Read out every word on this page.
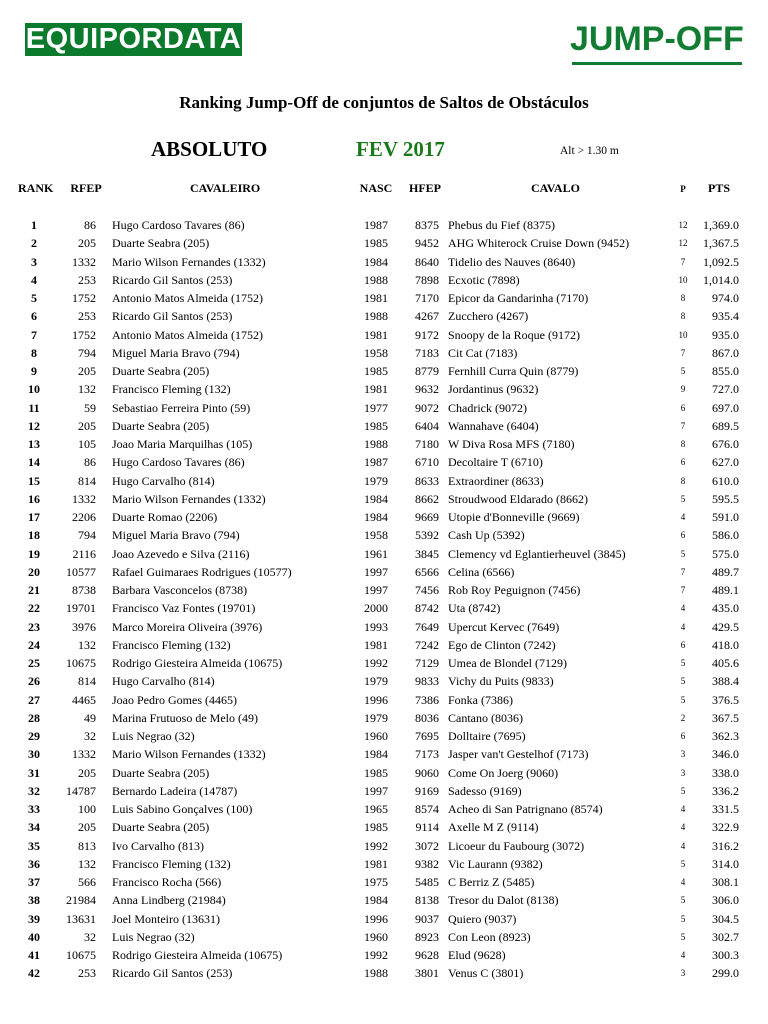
EQUIPORDATA	JUMP-OFF
Ranking Jump-Off de conjuntos de Saltos de Obstáculos
ABSOLUTO	FEV 2017	Alt > 1.30 m
RANK	RFEP	CAVALEIRO	NASC	HFEP	CAVALO	P	PTS
1	86 Hugo Cardoso Tavares (86)	1987	8375 Phebus du Fief (8375)	12	1,369.0
2	205 Duarte Seabra (205)	1985	9452 AHG Whiterock Cruise Down (9452)	12	1,367.5
3	1332 Mario Wilson Fernandes (1332)	1984	8640 Tidelio des Nauves (8640)	7	1,092.5
4	253 Ricardo Gil Santos (253)	1988	7898 Ecxotic (7898)	10	1,014.0
5	1752 Antonio Matos Almeida (1752)	1981	7170 Epicor da Gandarinha (7170)	8	974.0
6	253 Ricardo Gil Santos (253)	1988	4267 Zucchero (4267)	8	935.4
7	1752 Antonio Matos Almeida (1752)	1981	9172 Snoopy de la Roque (9172)	10	935.0
8	794 Miguel Maria Bravo (794)	1958	7183 Cit Cat (7183)	7	867.0
9	205 Duarte Seabra (205)	1985	8779 Fernhill Curra Quin (8779)	5	855.0
10	132 Francisco Fleming (132)	1981	9632 Jordantinus (9632)	9	727.0
11	59 Sebastiao Ferreira Pinto (59)	1977	9072 Chadrick (9072)	6	697.0
12	205 Duarte Seabra (205)	1985	6404 Wannahave (6404)	7	689.5
13	105 Joao Maria Marquilhas (105)	1988	7180 W Diva Rosa MFS (7180)	8	676.0
14	86 Hugo Cardoso Tavares (86)	1987	6710 Decoltaire T (6710)	6	627.0
15	814 Hugo Carvalho (814)	1979	8633 Extraordiner (8633)	8	610.0
16	1332 Mario Wilson Fernandes (1332)	1984	8662 Stroudwood Eldarado (8662)	5	595.5
17	2206 Duarte Romao (2206)	1984	9669 Utopie d'Bonneville (9669)	4	591.0
18	794 Miguel Maria Bravo (794)	1958	5392 Cash Up (5392)	6	586.0
19	2116 Joao Azevedo e Silva (2116)	1961	3845 Clemency vd Eglantierheuvel (3845)	5	575.0
20	10577 Rafael Guimaraes Rodrigues (10577)	1997	6566 Celina (6566)	7	489.7
21	8738 Barbara Vasconcelos (8738)	1997	7456 Rob Roy Peguignon (7456)	7	489.1
22	19701 Francisco Vaz Fontes (19701)	2000	8742 Uta (8742)	4	435.0
23	3976 Marco Moreira Oliveira (3976)	1993	7649 Upercut Kervec (7649)	4	429.5
24	132 Francisco Fleming (132)	1981	7242 Ego de Clinton (7242)	6	418.0
25	10675 Rodrigo Giesteira Almeida (10675)	1992	7129 Umea de Blondel (7129)	5	405.6
26	814 Hugo Carvalho (814)	1979	9833 Vichy du Puits (9833)	5	388.4
27	4465 Joao Pedro Gomes (4465)	1996	7386 Fonka (7386)	5	376.5
28	49 Marina Frutuoso de Melo (49)	1979	8036 Cantano (8036)	2	367.5
29	32 Luis Negrao (32)	1960	7695 Dolltaire (7695)	6	362.3
30	1332 Mario Wilson Fernandes (1332)	1984	7173 Jasper van't Gestelhof (7173)	3	346.0
31	205 Duarte Seabra (205)	1985	9060 Come On Joerg (9060)	3	338.0
32	14787 Bernardo Ladeira (14787)	1997	9169 Sadesso (9169)	5	336.2
33	100 Luis Sabino Gonçalves (100)	1965	8574 Acheo di San Patrignano (8574)	4	331.5
34	205 Duarte Seabra (205)	1985	9114 Axelle M Z (9114)	4	322.9
35	813 Ivo Carvalho (813)	1992	3072 Licoeur du Faubourg (3072)	4	316.2
36	132 Francisco Fleming (132)	1981	9382 Vic Laurann (9382)	5	314.0
37	566 Francisco Rocha (566)	1975	5485 C Berriz Z (5485)	4	308.1
38	21984 Anna Lindberg (21984)	1984	8138 Tresor du Dalot (8138)	5	306.0
39	13631 Joel Monteiro (13631)	1996	9037 Quiero (9037)	5	304.5
40	32 Luis Negrao (32)	1960	8923 Con Leon (8923)	5	302.7
41	10675 Rodrigo Giesteira Almeida (10675)	1992	9628 Elud (9628)	4	300.3
42	253 Ricardo Gil Santos (253)	1988	3801 Venus C (3801)	3	299.0
